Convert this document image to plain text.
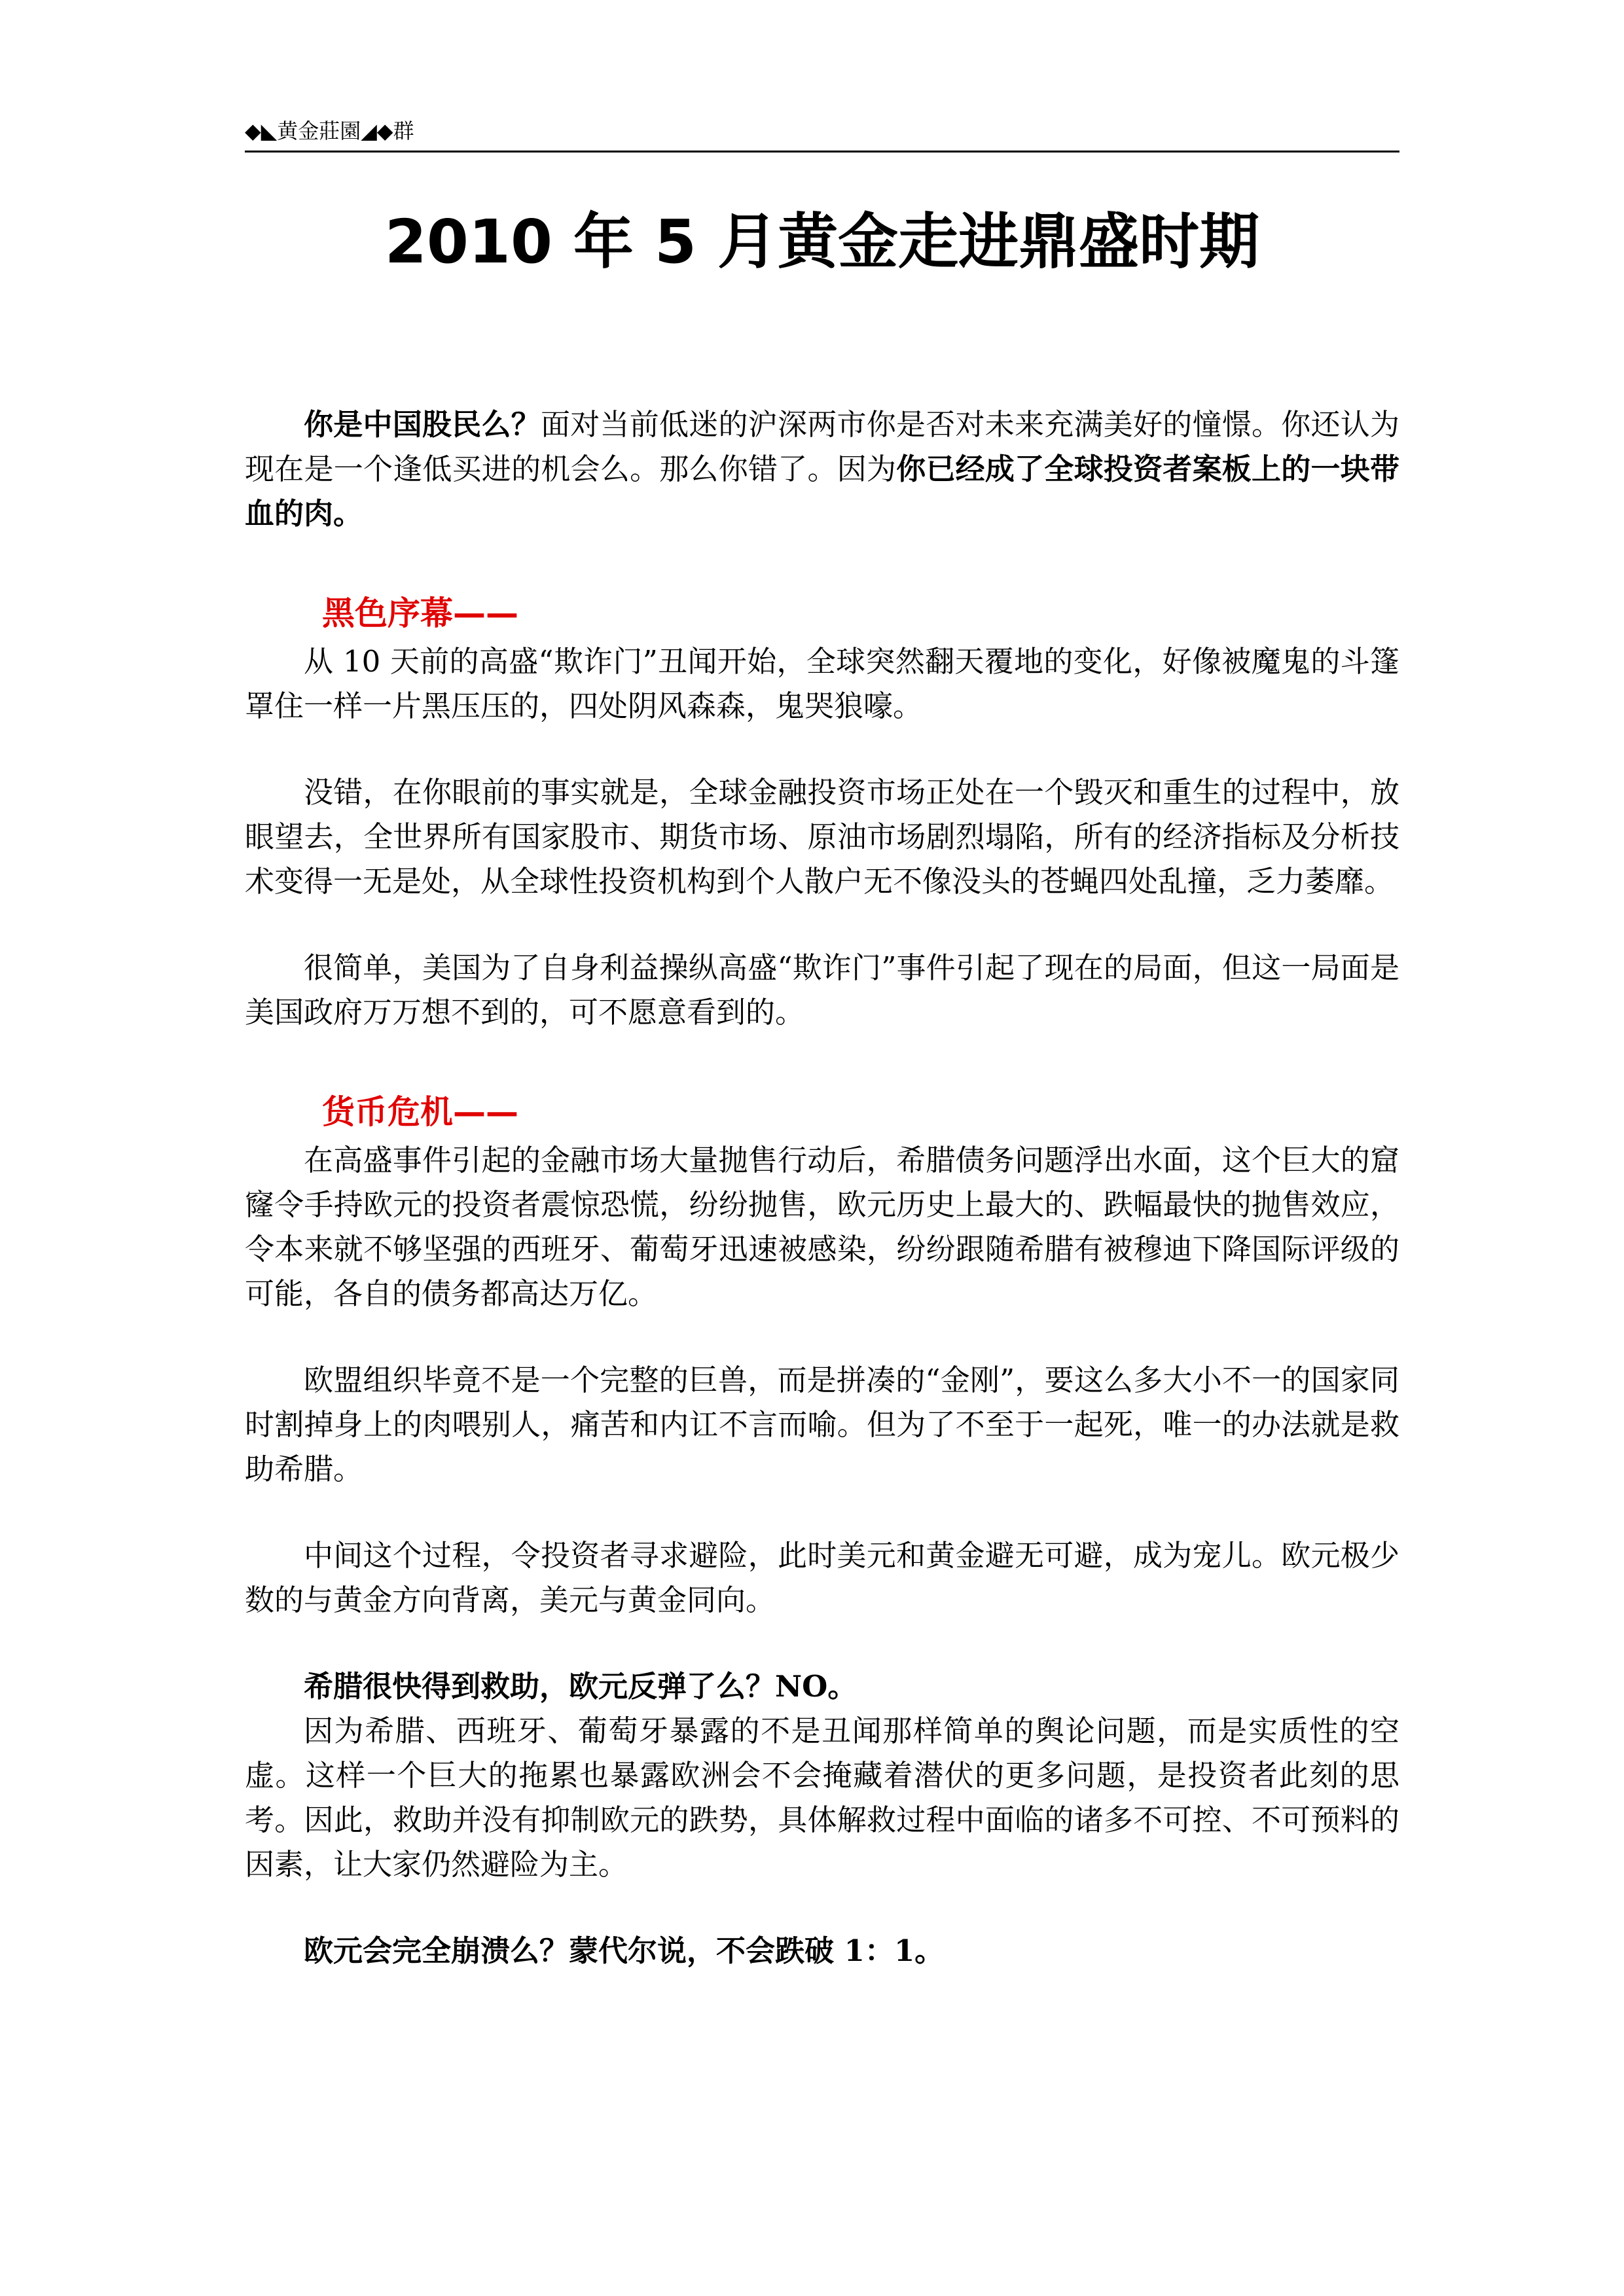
◆◣黄金莊園◢◆群
2010 年 5 月黄金走进鼎盛时期

你是中国股民么？面对当前低迷的沪深两市你是否对未来充满美好的憧憬。你还认为现在是一个逢低买进的机会么。那么你错了。因为你已经成了全球投资者案板上的一块带血的肉。

黑色序幕——

从 10 天前的高盛“欺诈门”丑闻开始，全球突然翻天覆地的变化，好像被魔鬼的斗篷罩住一样一片黑压压的，四处阴风森森，鬼哭狼嚎。

没错，在你眼前的事实就是，全球金融投资市场正处在一个毁灭和重生的过程中，放眼望去，全世界所有国家股市、期货市场、原油市场剧烈塌陷，所有的经济指标及分析技术变得一无是处，从全球性投资机构到个人散户无不像没头的苍蝇四处乱撞，乏力萎靡。

很简单，美国为了自身利益操纵高盛“欺诈门”事件引起了现在的局面，但这一局面是美国政府万万想不到的，可不愿意看到的。

货币危机——

在高盛事件引起的金融市场大量抛售行动后，希腊债务问题浮出水面，这个巨大的窟窿令手持欧元的投资者震惊恐慌，纷纷抛售，欧元历史上最大的、跌幅最快的抛售效应，令本来就不够坚强的西班牙、葡萄牙迅速被感染，纷纷跟随希腊有被穆迪下降国际评级的可能，各自的债务都高达万亿。

欧盟组织毕竟不是一个完整的巨兽，而是拼凑的“金刚”，要这么多大小不一的国家同时割掉身上的肉喂别人，痛苦和内讧不言而喻。但为了不至于一起死，唯一的办法就是救助希腊。

中间这个过程，令投资者寻求避险，此时美元和黄金避无可避，成为宠儿。欧元极少数的与黄金方向背离，美元与黄金同向。

希腊很快得到救助，欧元反弹了么？NO。

因为希腊、西班牙、葡萄牙暴露的不是丑闻那样简单的舆论问题，而是实质性的空虚。这样一个巨大的拖累也暴露欧洲会不会掩藏着潜伏的更多问题，是投资者此刻的思考。因此，救助并没有抑制欧元的跌势，具体解救过程中面临的诸多不可控、不可预料的因素，让大家仍然避险为主。

欧元会完全崩溃么？蒙代尔说，不会跌破 1：1。
